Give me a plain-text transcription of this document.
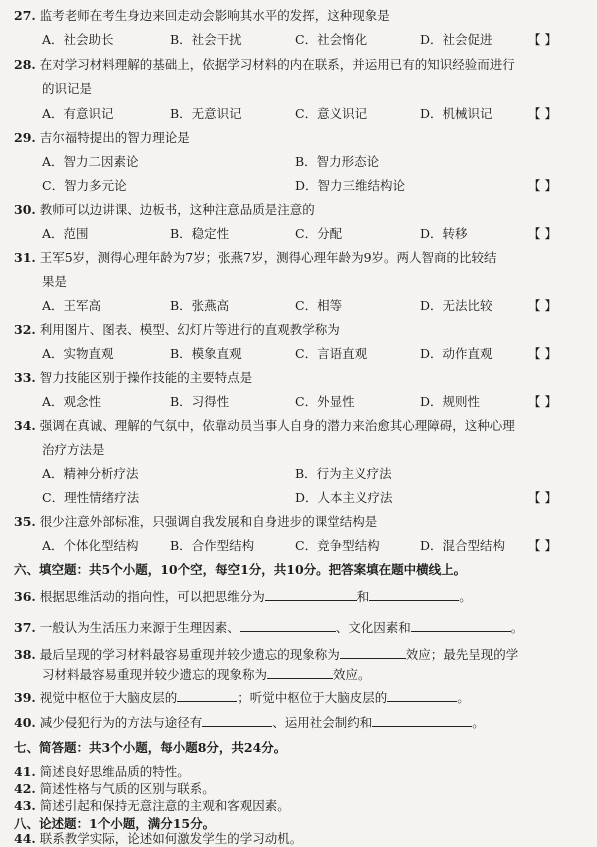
27. 监考老师在考生身边来回走动会影响其水平的发挥，这种现象是
A．社会助长	B．社会干扰	C．社会惰化	D．社会促进	【 】
28. 在对学习材料理解的基础上，依据学习材料的内在联系，并运用已有的知识经验而进行
的识记是
A．有意识记	B．无意识记	C．意义识记	D．机械识记	【 】
29. 吉尔福特提出的智力理论是
A．智力二因素论	B．智力形态论
C．智力多元论	D．智力三维结构论	【 】
30. 教师可以边讲课、边板书，这种注意品质是注意的
A．范围	B．稳定性	C．分配	D．转移	【 】
31. 王军5岁，测得心理年龄为7岁；张燕7岁，测得心理年龄为9岁。两人智商的比较结
果是
A．王军高	B．张燕高	C．相等	D．无法比较	【 】
32. 利用图片、图表、模型、幻灯片等进行的直观教学称为
A．实物直观	B．模象直观	C．言语直观	D．动作直观	【 】
33. 智力技能区别于操作技能的主要特点是
A．观念性	B．习得性	C．外显性	D．规则性	【 】
34. 强调在真诚、理解的气氛中，依靠动员当事人自身的潜力来治愈其心理障碍，这种心理
治疗方法是
A．精神分析疗法	B．行为主义疗法
C．理性情绪疗法	D．人本主义疗法	【 】
35. 很少注意外部标准，只强调自我发展和自身进步的课堂结构是
A．个体化型结构	B．合作型结构	C．竞争型结构	D．混合型结构 【 】
六、填空题：共5个小题，10个空，每空1分，共10分。把答案填在题中横线上。
36. 根据思维活动的指向性，可以把思维分为	和	。
37. 一般认为生活压力来源于生理因素、	、文化因素和	。
38. 最后呈现的学习材料最容易重现并较少遗忘的现象称为	效应；最先呈现的学
习材料最容易重现并较少遗忘的现象称为	效应。
39. 视觉中枢位于大脑皮层的	；听觉中枢位于大脑皮层的	。
40. 减少侵犯行为的方法与途径有	、运用社会制约和	。
七、简答题：共3个小题，每小题8分，共24分。
41. 简述良好思维品质的特性。
42. 简述性格与气质的区别与联系。
43. 简述引起和保持无意注意的主观和客观因素。
八、论述题：1个小题，满分15分。
44. 联系教学实际，论述如何激发学生的学习动机。
